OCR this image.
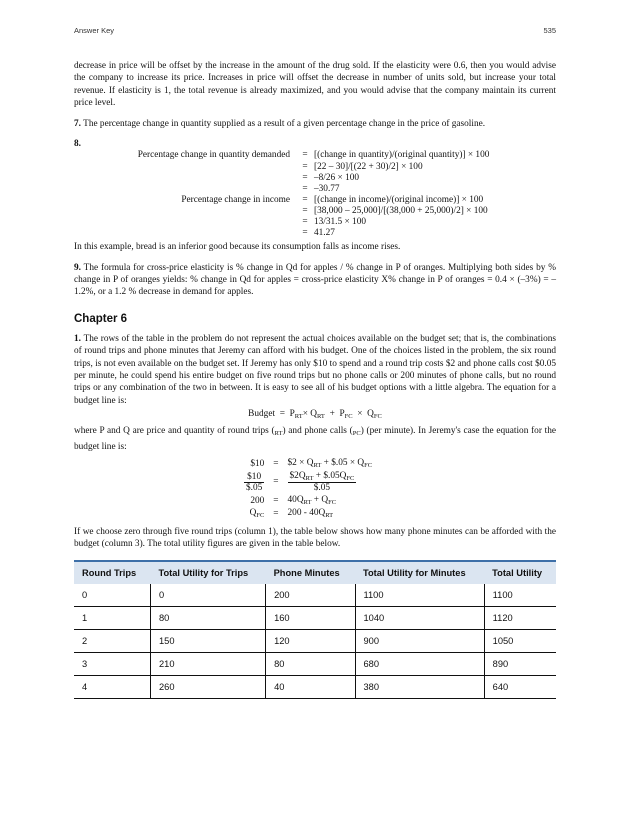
Answer Key	535

decrease in price will be offset by the increase in the amount of the drug sold. If the elasticity were 0.6, then you would advise the company to increase its price. Increases in price will offset the decrease in number of units sold, but increase your total revenue. If elasticity is 1, the total revenue is already maximized, and you would advise that the company maintain its current price level.

7. The percentage change in quantity supplied as a result of a given percentage change in the price of gasoline.

8.

Percentage change in quantity demanded	=	[(change in quantity)/(original quantity)] × 100
	=	[22 – 30]/[(22 + 30)/2] × 100
	=	–8/26 × 100
	=	–30.77
Percentage change in income	=	[(change in income)/(original income)] × 100
	=	[38,000 – 25,000]/[(38,000 + 25,000)/2] × 100
	=	13/31.5 × 100
	=	41.27

In this example, bread is an inferior good because its consumption falls as income rises.

9. The formula for cross-price elasticity is % change in Qd for apples / % change in P of oranges. Multiplying both sides by % change in P of oranges yields: % change in Qd for apples = cross-price elasticity X% change in P of oranges = 0.4 × (–3%) = –1.2%, or a 1.2 % decrease in demand for apples.

Chapter 6

1. The rows of the table in the problem do not represent the actual choices available on the budget set; that is, the combinations of round trips and phone minutes that Jeremy can afford with his budget. One of the choices listed in the problem, the six round trips, is not even available on the budget set. If Jeremy has only $10 to spend and a round trip costs $2 and phone calls cost $0.05 per minute, he could spend his entire budget on five round trips but no phone calls or 200 minutes of phone calls, but no round trips or any combination of the two in between. It is easy to see all of his budget options with a little algebra. The equation for a budget line is:

Budget = $P_{RT}\times Q_{RT} + P_{FC} \times Q_{FC}$

where P and Q are price and quantity of round trips $(_{RT})$ and phone calls $(_{PC})$ (per minute). In Jeremy's case the equation for the budget line is:

$10	=	$2 × $Q_{RT}$ + $.05 × $Q_{FC}$

$\frac{\$10}{\$.05}$	=	$\frac{\$2Q_{RT} + \$.05Q_{FC}}{\$.05}$

200	=	$40Q_{RT} + Q_{FC}$
$Q_{FC}$	=	$200 - 40Q_{RT}$

If we choose zero through five round trips (column 1), the table below shows how many phone minutes can be afforded with the budget (column 3). The total utility figures are given in the table below.

Round Trips	Total Utility for Trips	Phone Minutes	Total Utility for Minutes	Total Utility
0	0	200	1100	1100
1	80	160	1040	1120
2	150	120	900	1050
3	210	80	680	890
4	260	40	380	640
